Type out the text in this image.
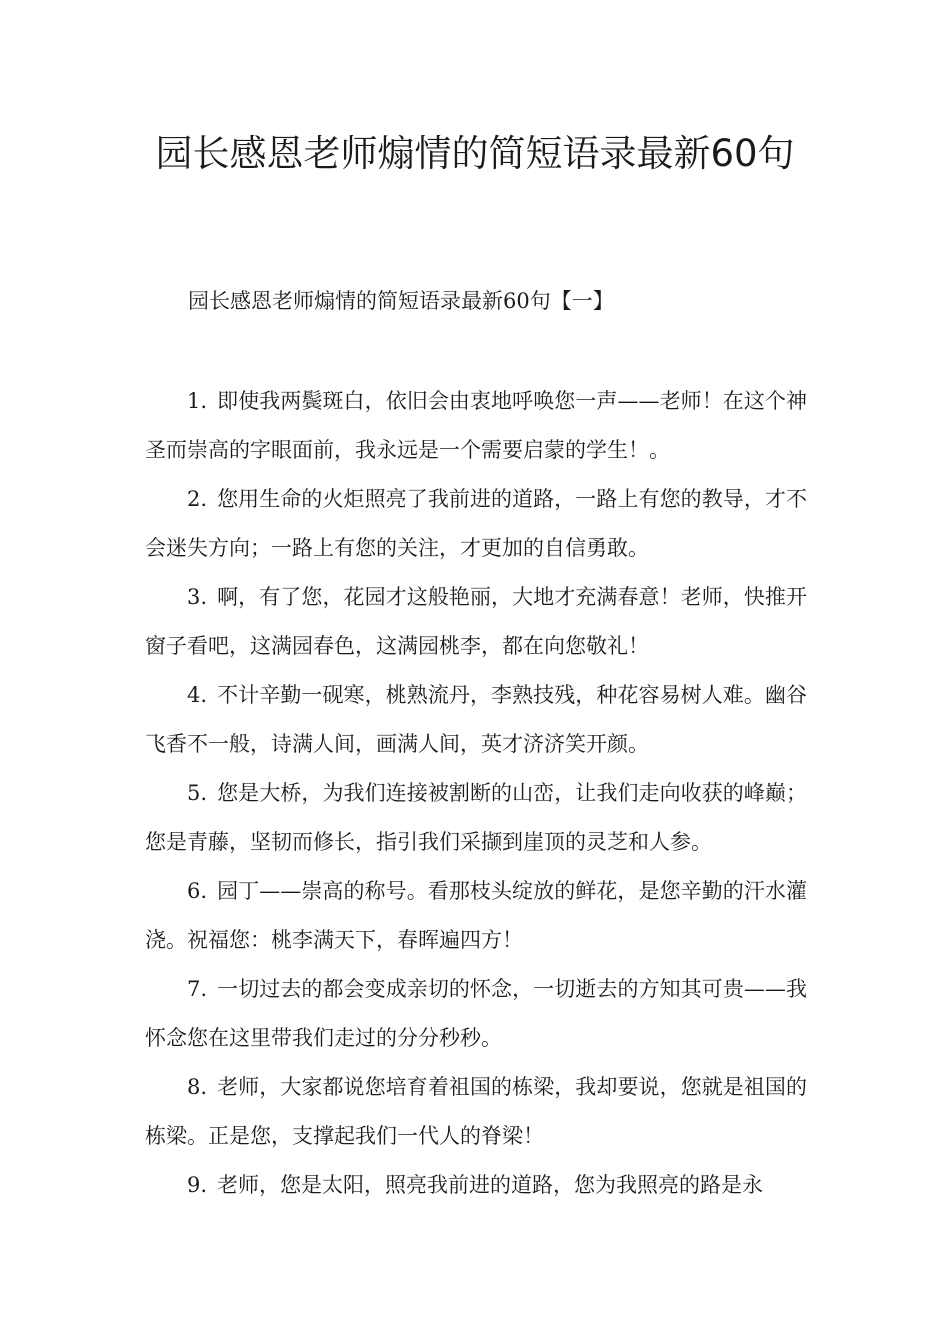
园长感恩老师煽情的简短语录最新60句
园长感恩老师煽情的简短语录最新60句【一】
1. 即使我两鬓斑白，依旧会由衷地呼唤您一声——老师！在这个神圣而崇高的字眼面前，我永远是一个需要启蒙的学生！。
2. 您用生命的火炬照亮了我前进的道路，一路上有您的教导，才不会迷失方向；一路上有您的关注，才更加的自信勇敢。
3. 啊，有了您，花园才这般艳丽，大地才充满春意！老师，快推开窗子看吧，这满园春色，这满园桃李，都在向您敬礼！
4. 不计辛勤一砚寒，桃熟流丹，李熟技残，种花容易树人难。幽谷飞香不一般，诗满人间，画满人间，英才济济笑开颜。
5. 您是大桥，为我们连接被割断的山峦，让我们走向收获的峰巅；您是青藤，坚韧而修长，指引我们采撷到崖顶的灵芝和人参。
6. 园丁——崇高的称号。看那枝头绽放的鲜花，是您辛勤的汗水灌浇。祝福您：桃李满天下，春晖遍四方！
7. 一切过去的都会变成亲切的怀念，一切逝去的方知其可贵——我怀念您在这里带我们走过的分分秒秒。
8. 老师，大家都说您培育着祖国的栋梁，我却要说，您就是祖国的栋梁。正是您，支撑起我们一代人的脊梁！
9. 老师，您是太阳，照亮我前进的道路，您为我照亮的路是永
